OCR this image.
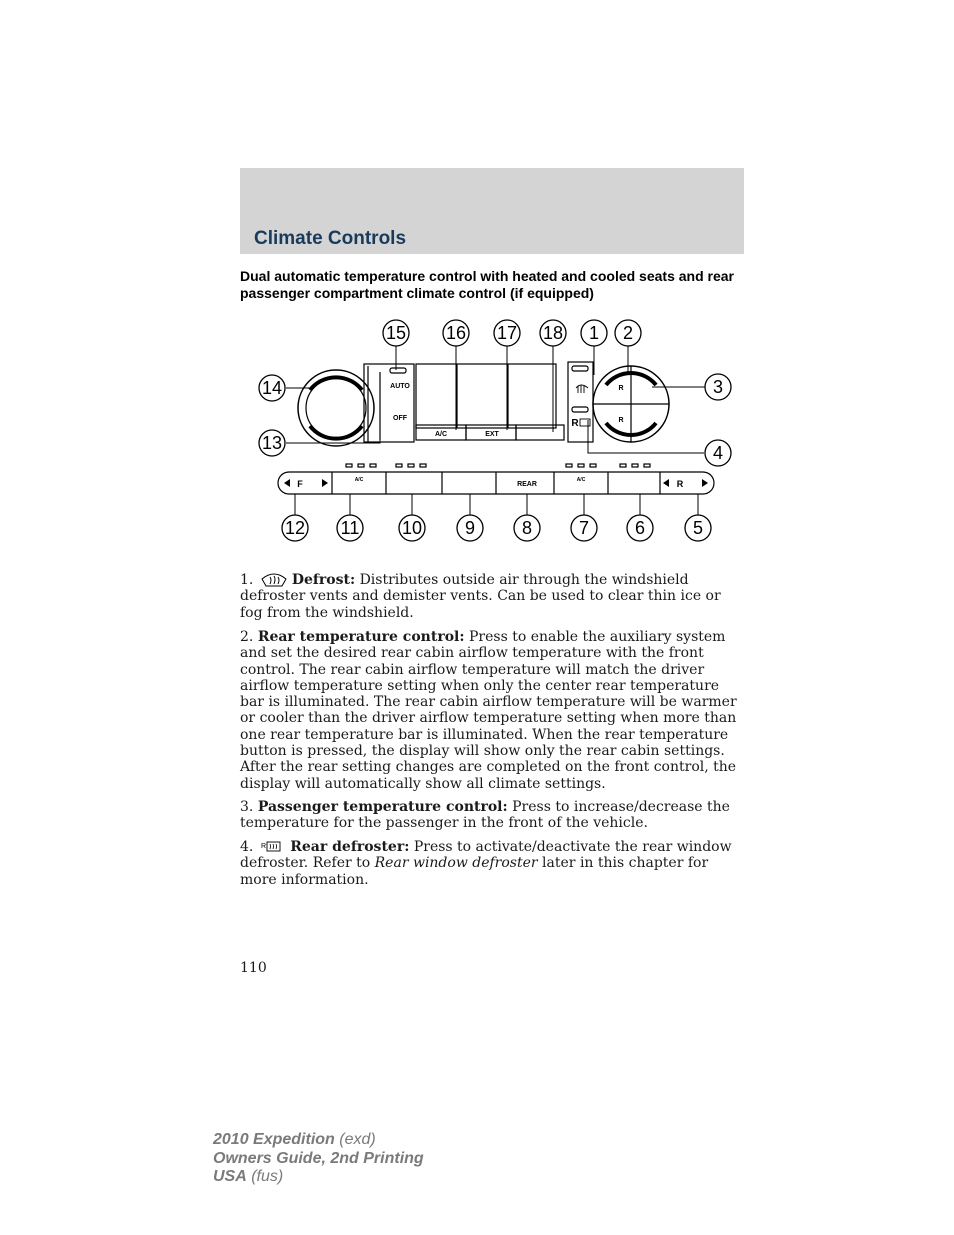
Climate Controls
Dual automatic temperature control with heated and cooled seats and rear passenger compartment climate control (if equipped)
15 16 17 18 1 2
3
4
14
13
12 11 10 9	8	7	6	5
AUTO
OFF
A/C	EXT
REAR
R
R
R
F	R
A/C	A/C

1.	Defrost: Distributes outside air through the windshield defroster vents and demister vents. Can be used to clear thin ice or fog from the windshield.

2. Rear temperature control: Press to enable the auxiliary system and set the desired rear cabin airflow temperature with the front control. The rear cabin airflow temperature will match the driver airflow temperature setting when only the center rear temperature bar is illuminated. The rear cabin airflow temperature will be warmer or cooler than the driver airflow temperature setting when more than one rear temperature bar is illuminated. When the rear temperature button is pressed, the display will show only the rear cabin settings. After the rear setting changes are completed on the front control, the display will automatically show all climate settings.

3. Passenger temperature control: Press to increase/decrease the temperature for the passenger in the front of the vehicle.

4. R Rear defroster: Press to activate/deactivate the rear window defroster. Refer to Rear window defroster later in this chapter for more information.

110
2010 Expedition (exd)
Owners Guide, 2nd Printing
USA (fus)
